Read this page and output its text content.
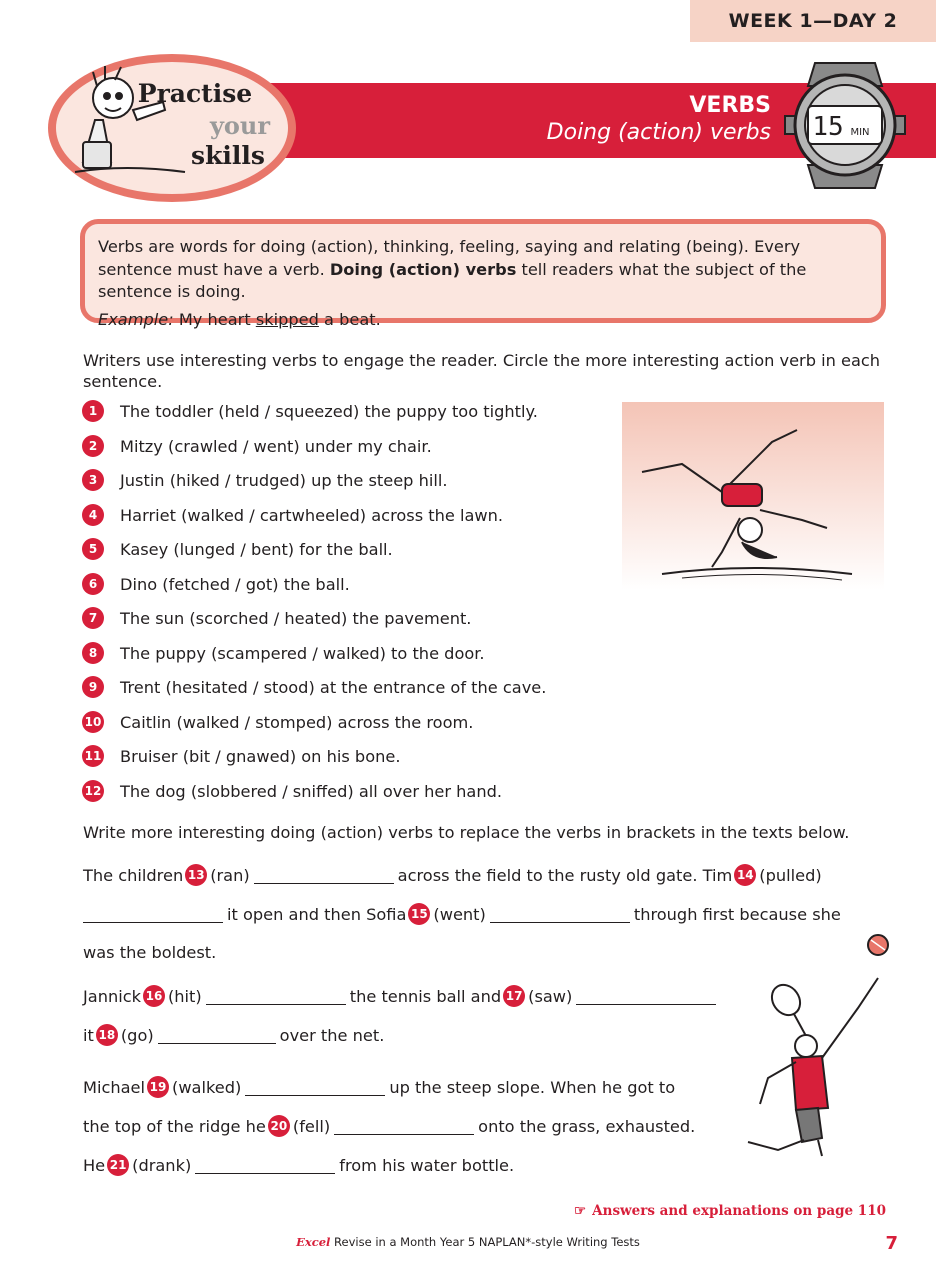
WEEK 1—DAY 2
VERBS
Doing (action) verbs
Practise
your
skills
15 MIN
Verbs are words for doing (action), thinking, feeling, saying and relating (being). Every sentence must have a verb. Doing (action) verbs tell readers what the subject of the sentence is doing.
Example: My heart skipped a beat.
Writers use interesting verbs to engage the reader. Circle the more interesting action verb in each sentence.
1	The toddler (held / squeezed) the puppy too tightly.
2	Mitzy (crawled / went) under my chair.
3	Justin (hiked / trudged) up the steep hill.
4	Harriet (walked / cartwheeled) across the lawn.
5	Kasey (lunged / bent) for the ball.
6	Dino (fetched / got) the ball.
7	The sun (scorched / heated) the pavement.
8	The puppy (scampered / walked) to the door.
9	Trent (hesitated / stood) at the entrance of the cave.
10 Caitlin (walked / stomped) across the room.
11 Bruiser (bit / gnawed) on his bone.
12 The dog (slobbered / sniffed) all over her hand.
Write more interesting doing (action) verbs to replace the verbs in brackets in the texts below.
The children 13 (ran)	across the field to the rusty old gate. Tim 14 (pulled)
it open and then Sofia 15 (went)	through first because she
was the boldest.
Jannick 16 (hit)	the tennis ball and 17 (saw)
it 18 (go)	over the net.
Michael 19 (walked)	up the steep slope. When he got to
the top of the ridge he 20 (fell)	onto the grass, exhausted.
He 21 (drank)	from his water bottle.
☞ Answers and explanations on page 110
Excel Revise in a Month Year 5 NAPLAN*-style Writing Tests	7
